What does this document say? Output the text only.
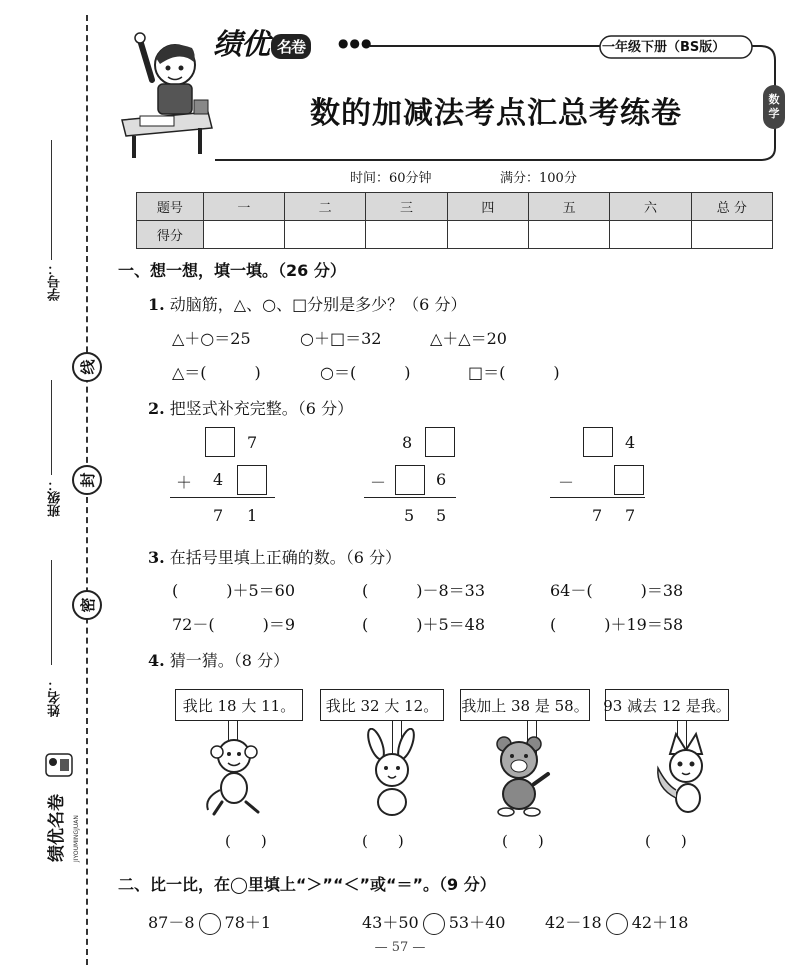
学号：
线
班级：	封
姓名：
密
绩优名卷 JIYOUMINGJUAN
绩优 名卷	●●●	一年级下册（BS版）
数的加减法考点汇总考练卷	数
学
时间：60分钟	满分：100分
题号	一	二	三	四	五	六	总 分
得分							
一、想一想，填一填。（26 分）
1. 动脑筋，△、○、□分别是多少？（6 分）
△＋○＝25	○＋□＝32	△＋△＝20
△＝(　　　)	○＝(　　　)	□＝(　　　)
2. 把竖式补充完整。（6 分）
7
＋ 4
7 1
8
－	6
5 5
4
－
7 7
3. 在括号里填上正确的数。（6 分）
(　　　)＋5＝60	(　　　)－8＝33	64－(　　　)＝38
72－(　　　)＝9	(　　　)＋5＝48	(　　　)＋19＝58
4. 猜一猜。（8 分）
我比 18 大 11。	我比 32 大 12。	我加上 38 是 58。 93 减去 12 是我。
(　　)	(　　)	(　　)	(　　)
二、比一比，在◯里填上“＞”“＜”或“＝”。（9 分）
87－8 78＋1	43＋50 53＋40 42－18 42＋18
— 57 —
